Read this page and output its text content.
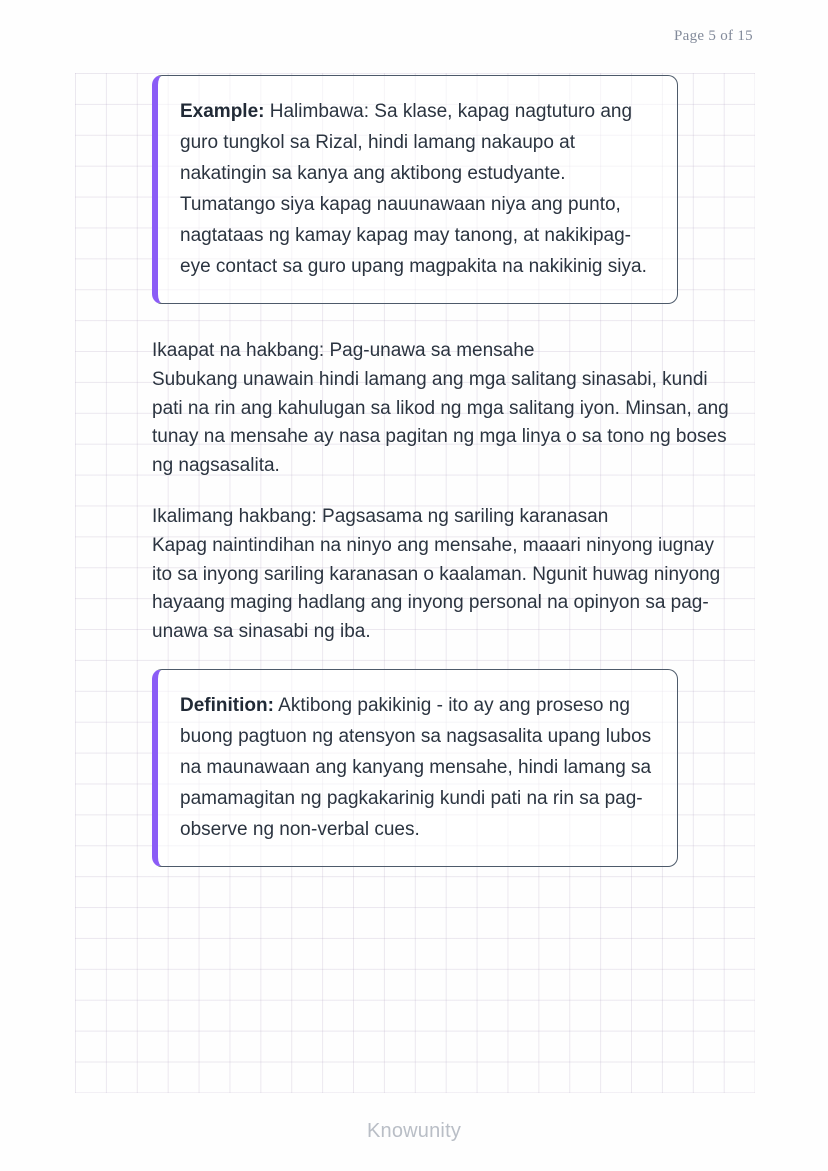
Page 5 of 15
Example: Halimbawa: Sa klase, kapag nagtuturo ang guro tungkol sa Rizal, hindi lamang nakaupo at nakatingin sa kanya ang aktibong estudyante. Tumatango siya kapag nauunawaan niya ang punto, nagtataas ng kamay kapag may tanong, at nakikipag-eye contact sa guro upang magpakita na nakikinig siya.
Ikaapat na hakbang: Pag-unawa sa mensahe
Subukang unawain hindi lamang ang mga salitang sinasabi, kundi pati na rin ang kahulugan sa likod ng mga salitang iyon. Minsan, ang tunay na mensahe ay nasa pagitan ng mga linya o sa tono ng boses ng nagsasalita.
Ikalimang hakbang: Pagsasama ng sariling karanasan
Kapag naintindihan na ninyo ang mensahe, maaari ninyong iugnay ito sa inyong sariling karanasan o kaalaman. Ngunit huwag ninyong hayaang maging hadlang ang inyong personal na opinyon sa pag-unawa sa sinasabi ng iba.
Definition: Aktibong pakikinig - ito ay ang proseso ng buong pagtuon ng atensyon sa nagsasalita upang lubos na maunawaan ang kanyang mensahe, hindi lamang sa pamamagitan ng pagkakarinig kundi pati na rin sa pag-observe ng non-verbal cues.
Knowunity
